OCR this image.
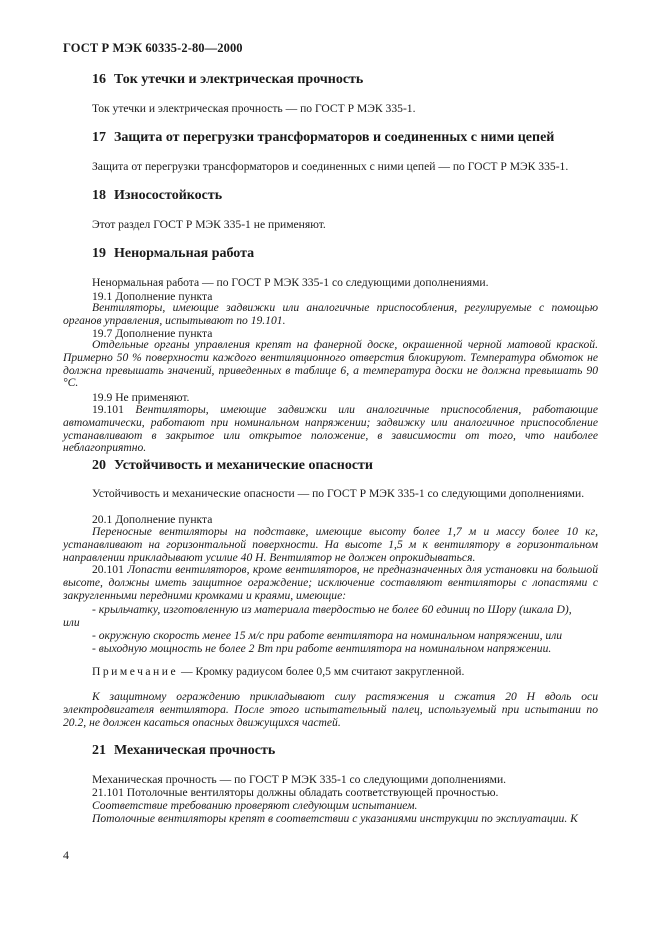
ГОСТ Р МЭК 60335-2-80—2000
16 Ток утечки и электрическая прочность
Ток утечки и электрическая прочность — по ГОСТ Р МЭК 335-1.
17 Защита от перегрузки трансформаторов и соединенных с ними цепей
Защита от перегрузки трансформаторов и соединенных с ними цепей — по ГОСТ Р МЭК 335-1.
18 Износостойкость
Этот раздел ГОСТ Р МЭК 335-1 не применяют.
19 Ненормальная работа
Ненормальная работа — по ГОСТ Р МЭК 335-1 со следующими дополнениями.
19.1 Дополнение пункта
Вентиляторы, имеющие задвижки или аналогичные приспособления, регулируемые с помощью органов управления, испытывают по 19.101.
19.7 Дополнение пункта
Отдельные органы управления крепят на фанерной доске, окрашенной черной матовой краской. Примерно 50 % поверхности каждого вентиляционного отверстия блокируют. Температура обмоток не должна превышать значений, приведенных в таблице 6, а температура доски не должна превышать 90 °С.
19.9 Не применяют.
19.101 Вентиляторы, имеющие задвижки или аналогичные приспособления, работающие автоматически, работают при номинальном напряжении; задвижку или аналогичное приспособление устанавливают в закрытое или открытое положение, в зависимости от того, что наиболее неблагоприятно.
20 Устойчивость и механические опасности
Устойчивость и механические опасности — по ГОСТ Р МЭК 335-1 со следующими дополнениями.
20.1 Дополнение пункта
Переносные вентиляторы на подставке, имеющие высоту более 1,7 м и массу более 10 кг, устанавливают на горизонтальной поверхности. На высоте 1,5 м к вентилятору в горизонтальном направлении прикладывают усилие 40 Н. Вентилятор не должен опрокидываться.
20.101 Лопасти вентиляторов, кроме вентиляторов, не предназначенных для установки на большой высоте, должны иметь защитное ограждение; исключение составляют вентиляторы с лопастями с закругленными передними кромками и краями, имеющие:
- крыльчатку, изготовленную из материала твердостью не более 60 единиц по Шору (шкала D),
или
- окружную скорость менее 15 м/с при работе вентилятора на номинальном напряжении, или
- выходную мощность не более 2 Вт при работе вентилятора на номинальном напряжении.
Примечание — Кромку радиусом более 0,5 мм считают закругленной.
К защитному ограждению прикладывают силу растяжения и сжатия 20 Н вдоль оси электродвигателя вентилятора. После этого испытательный палец, используемый при испытании по 20.2, не должен касаться опасных движущихся частей.
21 Механическая прочность
Механическая прочность — по ГОСТ Р МЭК 335-1 со следующими дополнениями.
21.101 Потолочные вентиляторы должны обладать соответствующей прочностью.
Соответствие требованию проверяют следующим испытанием.
Потолочные вентиляторы крепят в соответствии с указаниями инструкции по эксплуатации. К
4
